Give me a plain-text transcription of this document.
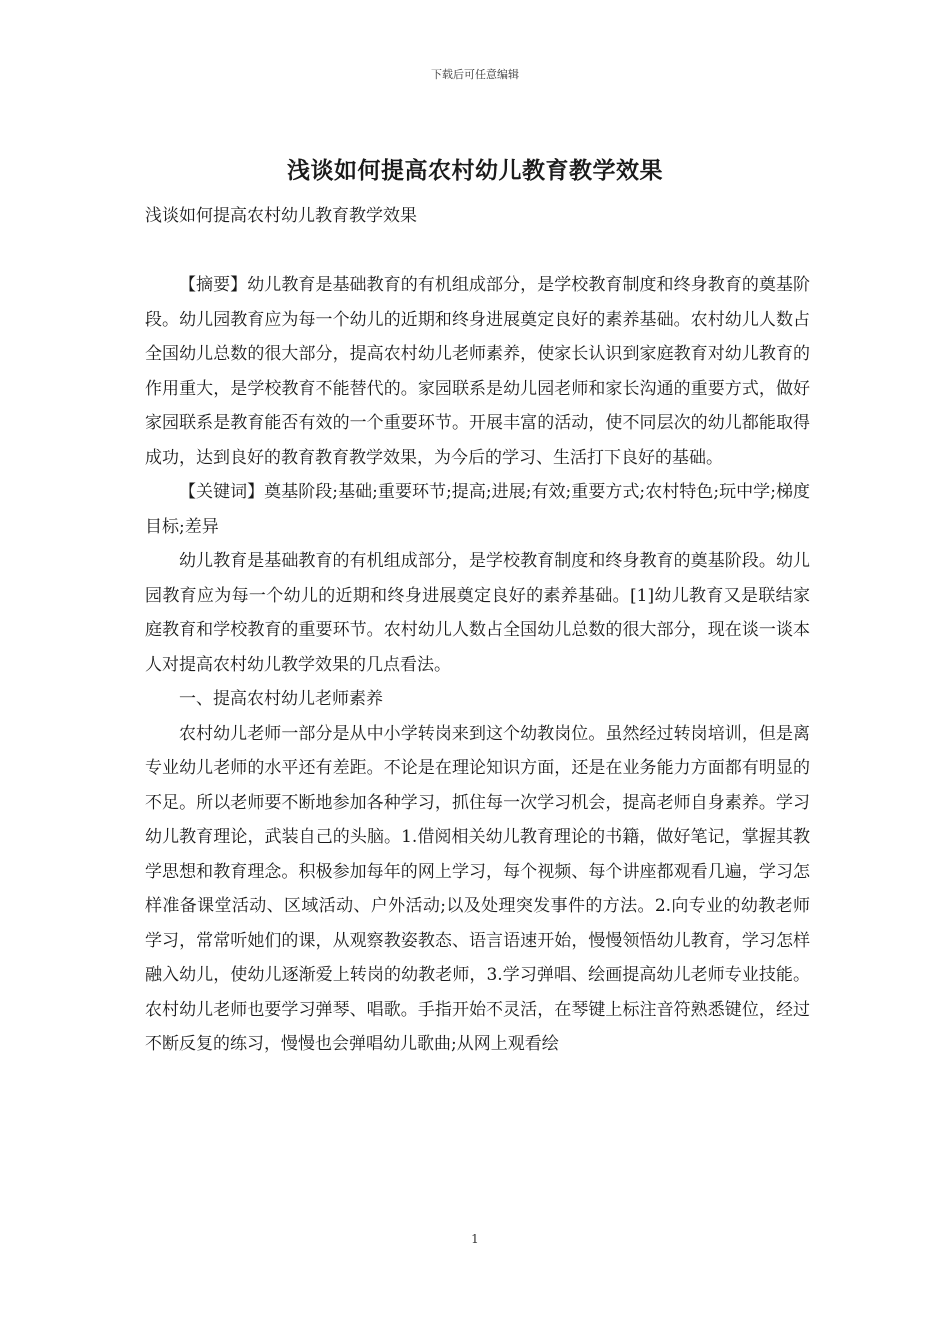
下载后可任意编辑
浅谈如何提高农村幼儿教育教学效果
浅谈如何提高农村幼儿教育教学效果

【摘要】幼儿教育是基础教育的有机组成部分，是学校教育制度和终身教育的奠基阶段。幼儿园教育应为每一个幼儿的近期和终身进展奠定良好的素养基础。农村幼儿人数占全国幼儿总数的很大部分，提高农村幼儿老师素养，使家长认识到家庭教育对幼儿教育的作用重大，是学校教育不能替代的。家园联系是幼儿园老师和家长沟通的重要方式，做好家园联系是教育能否有效的一个重要环节。开展丰富的活动，使不同层次的幼儿都能取得成功，达到良好的教育教育教学效果，为今后的学习、生活打下良好的基础。

【关键词】奠基阶段;基础;重要环节;提高;进展;有效;重要方式;农村特色;玩中学;梯度目标;差异

幼儿教育是基础教育的有机组成部分，是学校教育制度和终身教育的奠基阶段。幼儿园教育应为每一个幼儿的近期和终身进展奠定良好的素养基础。[1]幼儿教育又是联结家庭教育和学校教育的重要环节。农村幼儿人数占全国幼儿总数的很大部分，现在谈一谈本人对提高农村幼儿教学效果的几点看法。

一、提高农村幼儿老师素养

农村幼儿老师一部分是从中小学转岗来到这个幼教岗位。虽然经过转岗培训，但是离专业幼儿老师的水平还有差距。不论是在理论知识方面，还是在业务能力方面都有明显的不足。所以老师要不断地参加各种学习，抓住每一次学习机会，提高老师自身素养。学习幼儿教育理论，武装自己的头脑。1.借阅相关幼儿教育理论的书籍，做好笔记，掌握其教学思想和教育理念。积极参加每年的网上学习，每个视频、每个讲座都观看几遍，学习怎样准备课堂活动、区域活动、户外活动;以及处理突发事件的方法。2.向专业的幼教老师学习，常常听她们的课，从观察教姿教态、语言语速开始，慢慢领悟幼儿教育，学习怎样融入幼儿，使幼儿逐渐爱上转岗的幼教老师，3.学习弹唱、绘画提高幼儿老师专业技能。农村幼儿老师也要学习弹琴、唱歌。手指开始不灵活，在琴键上标注音符熟悉键位，经过不断反复的练习，慢慢也会弹唱幼儿歌曲;从网上观看绘

1
